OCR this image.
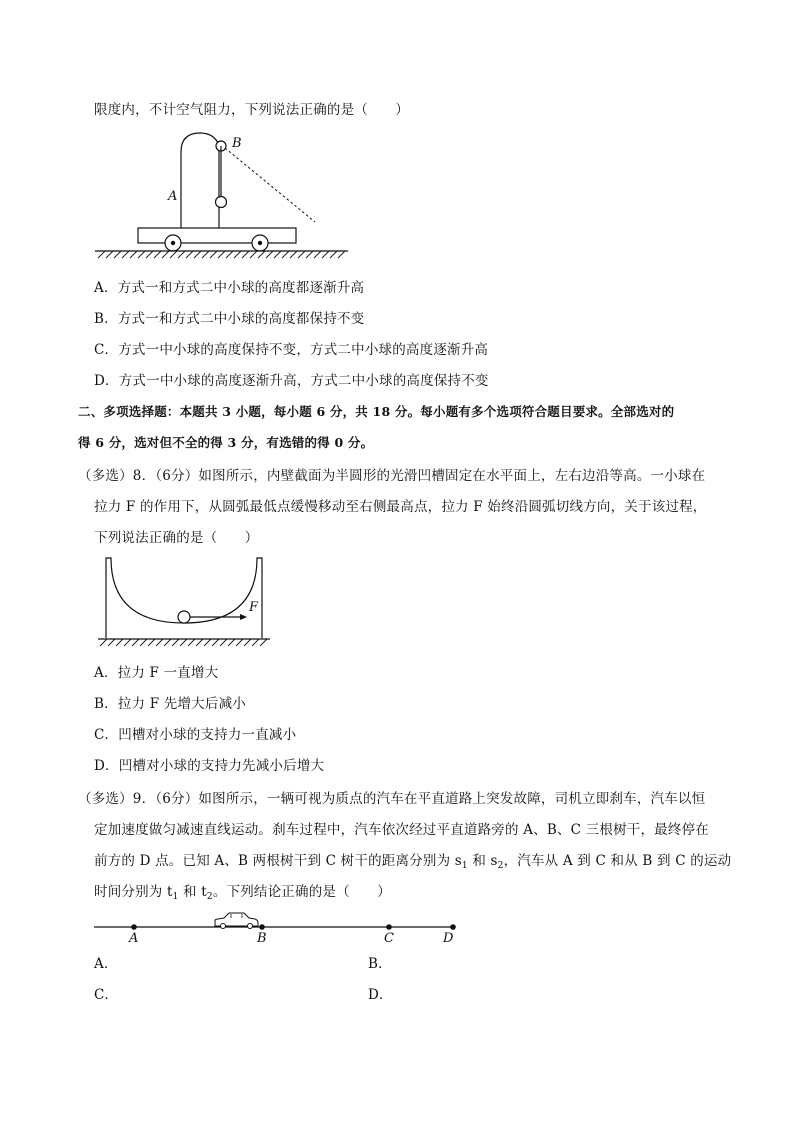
限度内，不计空气阻力，下列说法正确的是（　　）
A
B
A．方式一和方式二中小球的高度都逐渐升高
B．方式一和方式二中小球的高度都保持不变
C．方式一中小球的高度保持不变，方式二中小球的高度逐渐升高
D．方式一中小球的高度逐渐升高，方式二中小球的高度保持不变
二、多项选择题：本题共 3 小题，每小题 6 分，共 18 分。每小题有多个选项符合题目要求。全部选对的
得 6 分，选对但不全的得 3 分，有选错的得 0 分。
（多选）8．（6分）如图所示，内壁截面为半圆形的光滑凹槽固定在水平面上，左右边沿等高。一小球在
拉力 F 的作用下，从圆弧最低点缓慢移动至右侧最高点，拉力 F 始终沿圆弧切线方向，关于该过程，
下列说法正确的是（　　）
F
A．拉力 F 一直增大
B．拉力 F 先增大后减小
C．凹槽对小球的支持力一直减小
D．凹槽对小球的支持力先减小后增大
（多选）9．（6分）如图所示，一辆可视为质点的汽车在平直道路上突发故障，司机立即刹车，汽车以恒
定加速度做匀减速直线运动。刹车过程中，汽车依次经过平直道路旁的 A、B、C 三根树干，最终停在
前方的 D 点。已知 A、B 两根树干到 C 树干的距离分别为 $s_1$ 和 $s_2$，汽车从 A 到 C 和从 B 到 C 的运动
时间分别为 $t_1$ 和 $t_2$。下列结论正确的是（　　）
A	B	C	D
A．	B．
C．	D．
